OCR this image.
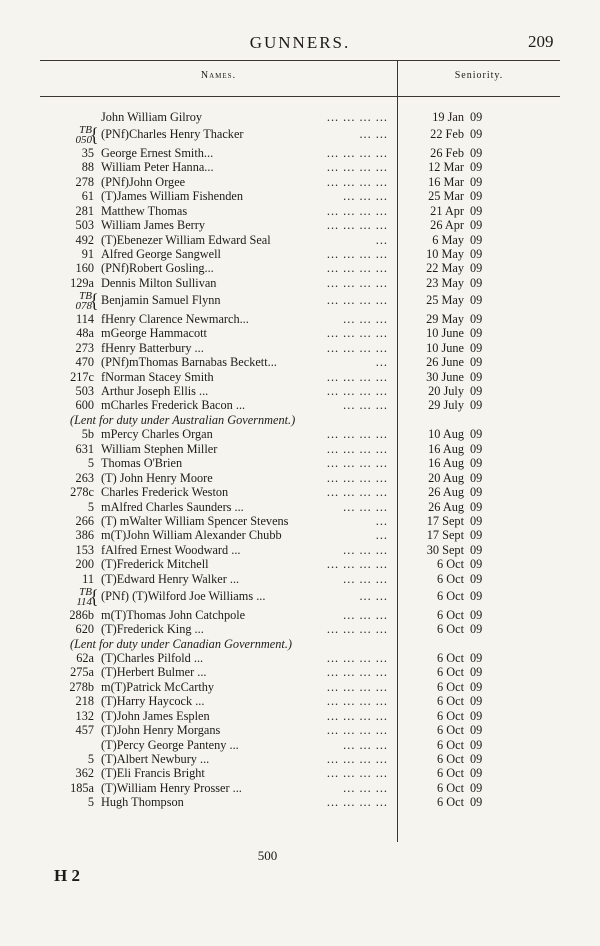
GUNNERS.	209
Names.	Seniority.
John William Gilroy	... ... ... ...	19 Jan 09
TB
050
{ (PNf)Charles Henry Thacker	... ...	22 Feb 09
35 George Ernest Smith...	... ... ... ...	26 Feb 09
88 William Peter Hanna...	... ... ... ...	12 Mar 09
278 (PNf)John Orgee	... ... ... ...	16 Mar 09
61 (T)James William Fishenden	... ... ...	25 Mar 09
281 Matthew Thomas	... ... ... ...	21 Apr 09
503 William James Berry	... ... ... ...	26 Apr 09
492 (T)Ebenezer William Edward Seal	...	6 May 09
91 Alfred George Sangwell	... ... ... ...	10 May 09
160 (PNf)Robert Gosling...	... ... ... ...	22 May 09
129a Dennis Milton Sullivan	... ... ... ...	23 May 09
TB
078
{ Benjamin Samuel Flynn	... ... ... ...	25 May 09
114 fHenry Clarence Newmarch...	... ... ...	29 May 09
48a mGeorge Hammacott	... ... ... ...	10 June 09
273 fHenry Batterbury ...	... ... ... ...	10 June 09
470 (PNf)mThomas Barnabas Beckett...	...	26 June 09
217c fNorman Stacey Smith	... ... ... ...	30 June 09
503 Arthur Joseph Ellis ...	... ... ... ...	20 July 09
600 mCharles Frederick Bacon ...	... ... ...	29 July 09
(Lent for duty under Australian Government.)
5b mPercy Charles Organ	... ... ... ...	10 Aug 09
631 William Stephen Miller	... ... ... ...	16 Aug 09
5 Thomas O'Brien	... ... ... ...	16 Aug 09
263 (T) John Henry Moore	... ... ... ...	20 Aug 09
278c Charles Frederick Weston	... ... ... ...	26 Aug 09
5 mAlfred Charles Saunders ...	... ... ...	26 Aug 09
266 (T) mWalter William Spencer Stevens	...	17 Sept 09
386 m(T)John William Alexander Chubb	...	17 Sept 09
153 fAlfred Ernest Woodward ...	... ... ...	30 Sept 09
200 (T)Frederick Mitchell	... ... ... ...	6 Oct 09
11 (T)Edward Henry Walker ...	... ... ...	6 Oct 09
TB
114
{ (PNf) (T)Wilford Joe Williams ...	... ...	6 Oct 09
286b m(T)Thomas John Catchpole	... ... ...	6 Oct 09
620 (T)Frederick King ...	... ... ... ...	6 Oct 09
(Lent for duty under Canadian Government.)
62a (T)Charles Pilfold ...	... ... ... ...	6 Oct 09
275a (T)Herbert Bulmer ...	... ... ... ...	6 Oct 09
278b m(T)Patrick McCarthy	... ... ... ...	6 Oct 09
218 (T)Harry Haycock ...	... ... ... ...	6 Oct 09
132 (T)John James Esplen	... ... ... ...	6 Oct 09
457 (T)John Henry Morgans	... ... ... ...	6 Oct 09
(T)Percy George Panteny ...	... ... ...	6 Oct 09
5 (T)Albert Newbury ...	... ... ... ...	6 Oct 09
362 (T)Eli Francis Bright	... ... ... ...	6 Oct 09
185a (T)William Henry Prosser ...	... ... ...	6 Oct 09
5 Hugh Thompson	... ... ... ...	6 Oct 09
500
H 2
